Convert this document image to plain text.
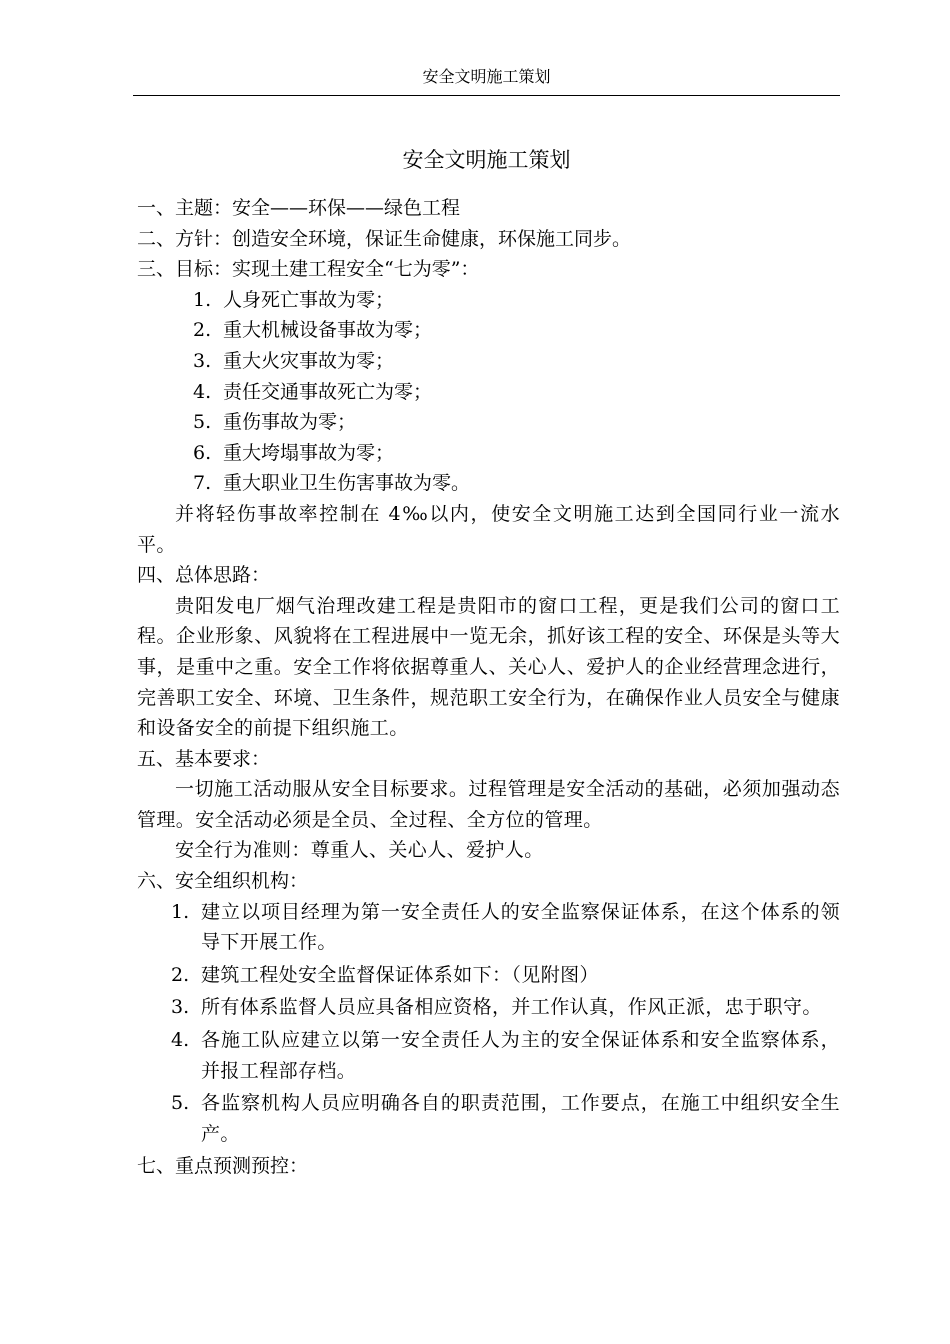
安全文明施工策划
安全文明施工策划
一、主题：安全——环保——绿色工程
二、方针：创造安全环境，保证生命健康，环保施工同步。
三、目标：实现土建工程安全“七为零”：
1. 人身死亡事故为零；
2. 重大机械设备事故为零；
3. 重大火灾事故为零；
4. 责任交通事故死亡为零；
5. 重伤事故为零；
6. 重大垮塌事故为零；
7. 重大职业卫生伤害事故为零。
并将轻伤事故率控制在 4‰以内，使安全文明施工达到全国同行业一流水平。
四、总体思路：
贵阳发电厂烟气治理改建工程是贵阳市的窗口工程，更是我们公司的窗口工程。企业形象、风貌将在工程进展中一览无余，抓好该工程的安全、环保是头等大事，是重中之重。安全工作将依据尊重人、关心人、爱护人的企业经营理念进行，完善职工安全、环境、卫生条件，规范职工安全行为，在确保作业人员安全与健康和设备安全的前提下组织施工。
五、基本要求：
一切施工活动服从安全目标要求。过程管理是安全活动的基础，必须加强动态管理。安全活动必须是全员、全过程、全方位的管理。
安全行为准则：尊重人、关心人、爱护人。
六、安全组织机构：
1. 建立以项目经理为第一安全责任人的安全监察保证体系，在这个体系的领导下开展工作。
2. 建筑工程处安全监督保证体系如下：（见附图）
3. 所有体系监督人员应具备相应资格，并工作认真，作风正派，忠于职守。
4. 各施工队应建立以第一安全责任人为主的安全保证体系和安全监察体系，并报工程部存档。
5. 各监察机构人员应明确各自的职责范围，工作要点，在施工中组织安全生产。
七、重点预测预控：
